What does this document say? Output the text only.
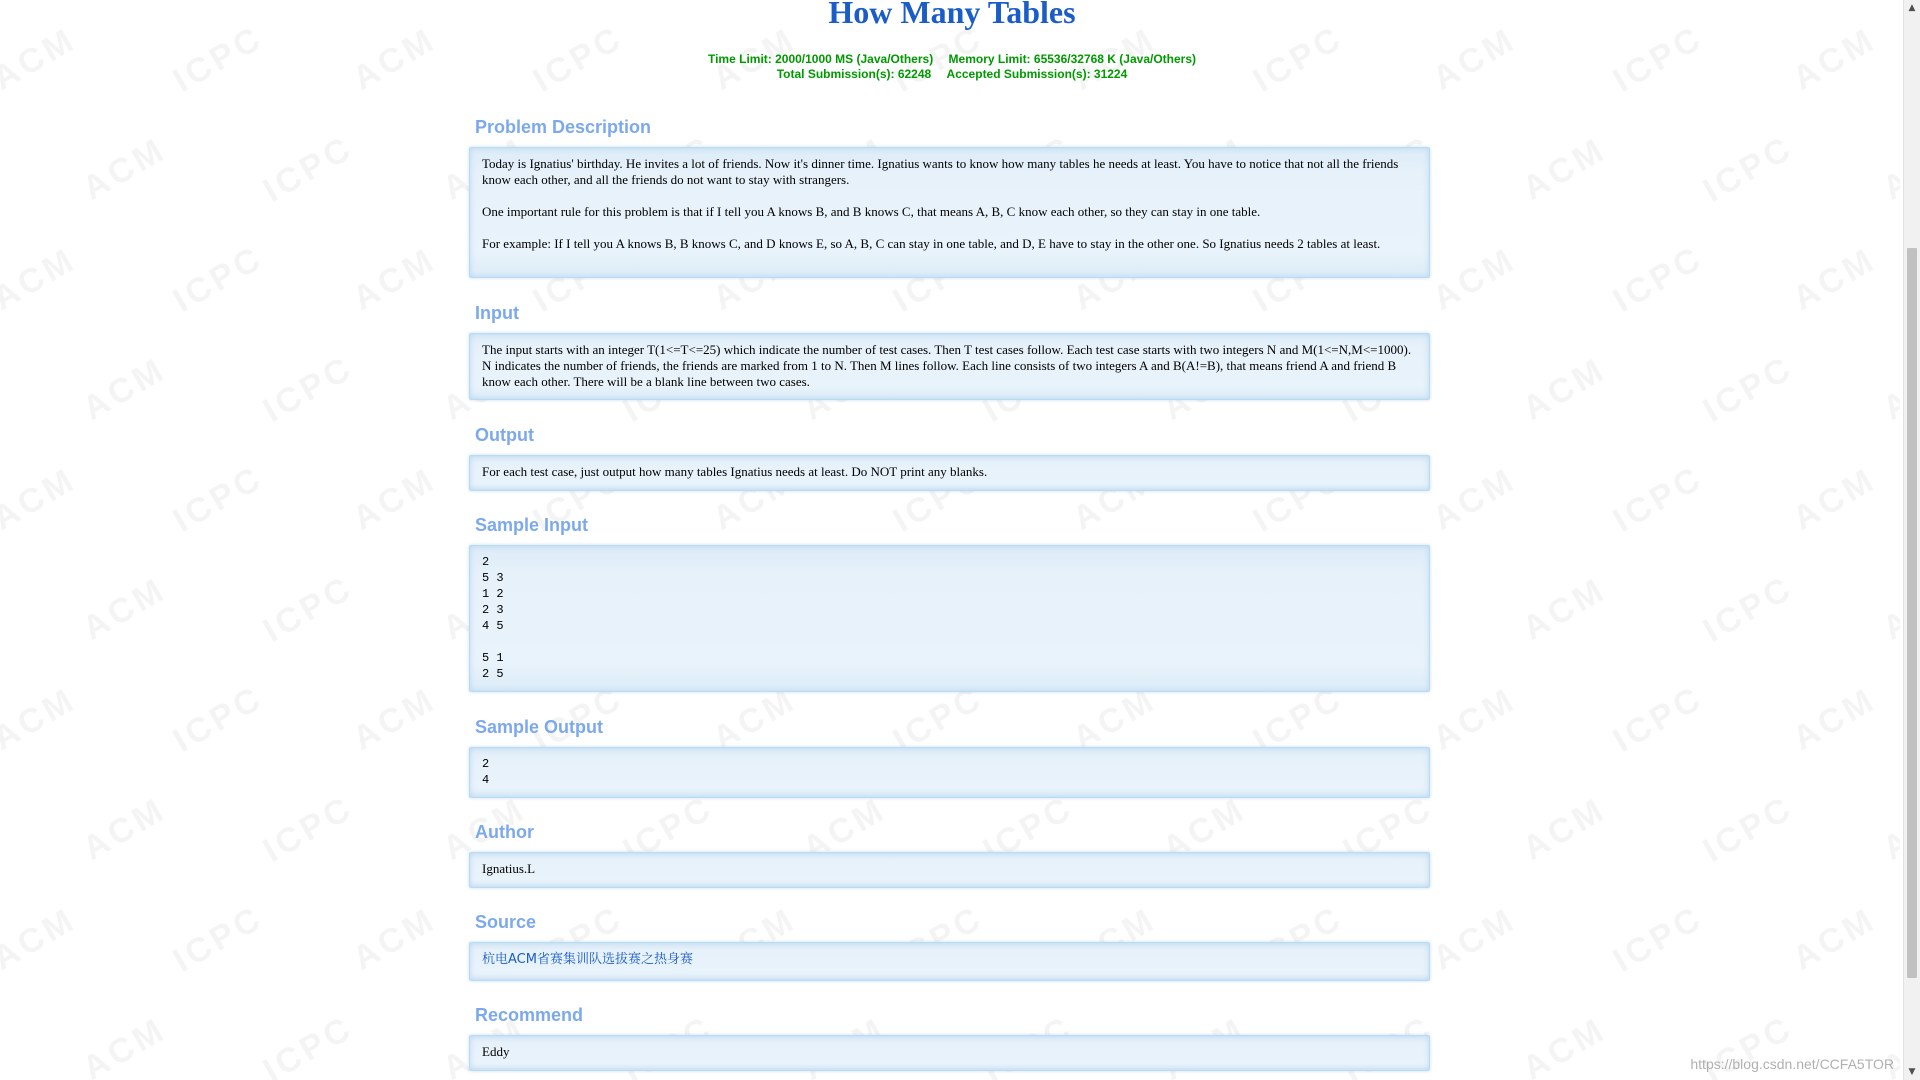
How Many Tables
Time Limit: 2000/1000 MS (Java/Others) Memory Limit: 65536/32768 K (Java/Others)
Total Submission(s): 62248 Accepted Submission(s): 31224
Problem Description

Today is Ignatius' birthday. He invites a lot of friends. Now it's dinner time. Ignatius wants to know how many tables he needs at least. You have to notice that not all the friends know each other, and all the friends do not want to stay with strangers.

One important rule for this problem is that if I tell you A knows B, and B knows C, that means A, B, C know each other, so they can stay in one table.

For example: If I tell you A knows B, B knows C, and D knows E, so A, B, C can stay in one table, and D, E have to stay in the other one. So Ignatius needs 2 tables at least.

Input

The input starts with an integer T(1<=T<=25) which indicate the number of test cases. Then T test cases follow. Each test case starts with two integers N and M(1<=N,M<=1000). N indicates the number of friends, the friends are marked from 1 to N. Then M lines follow. Each line consists of two integers A and B(A!=B), that means friend A and friend B know each other. There will be a blank line between two cases.

Output

For each test case, just output how many tables Ignatius needs at least. Do NOT print any blanks.

Sample Input
2
5 3
1 2
2 3
4 5

5 1
2 5
Sample Output
2
4
Author

Ignatius.L

Source
杭电ACM省赛集训队选拔赛之热身赛
Recommend

Eddy

https://blog.csdn.net/CCFA5TOR
▲
▼
